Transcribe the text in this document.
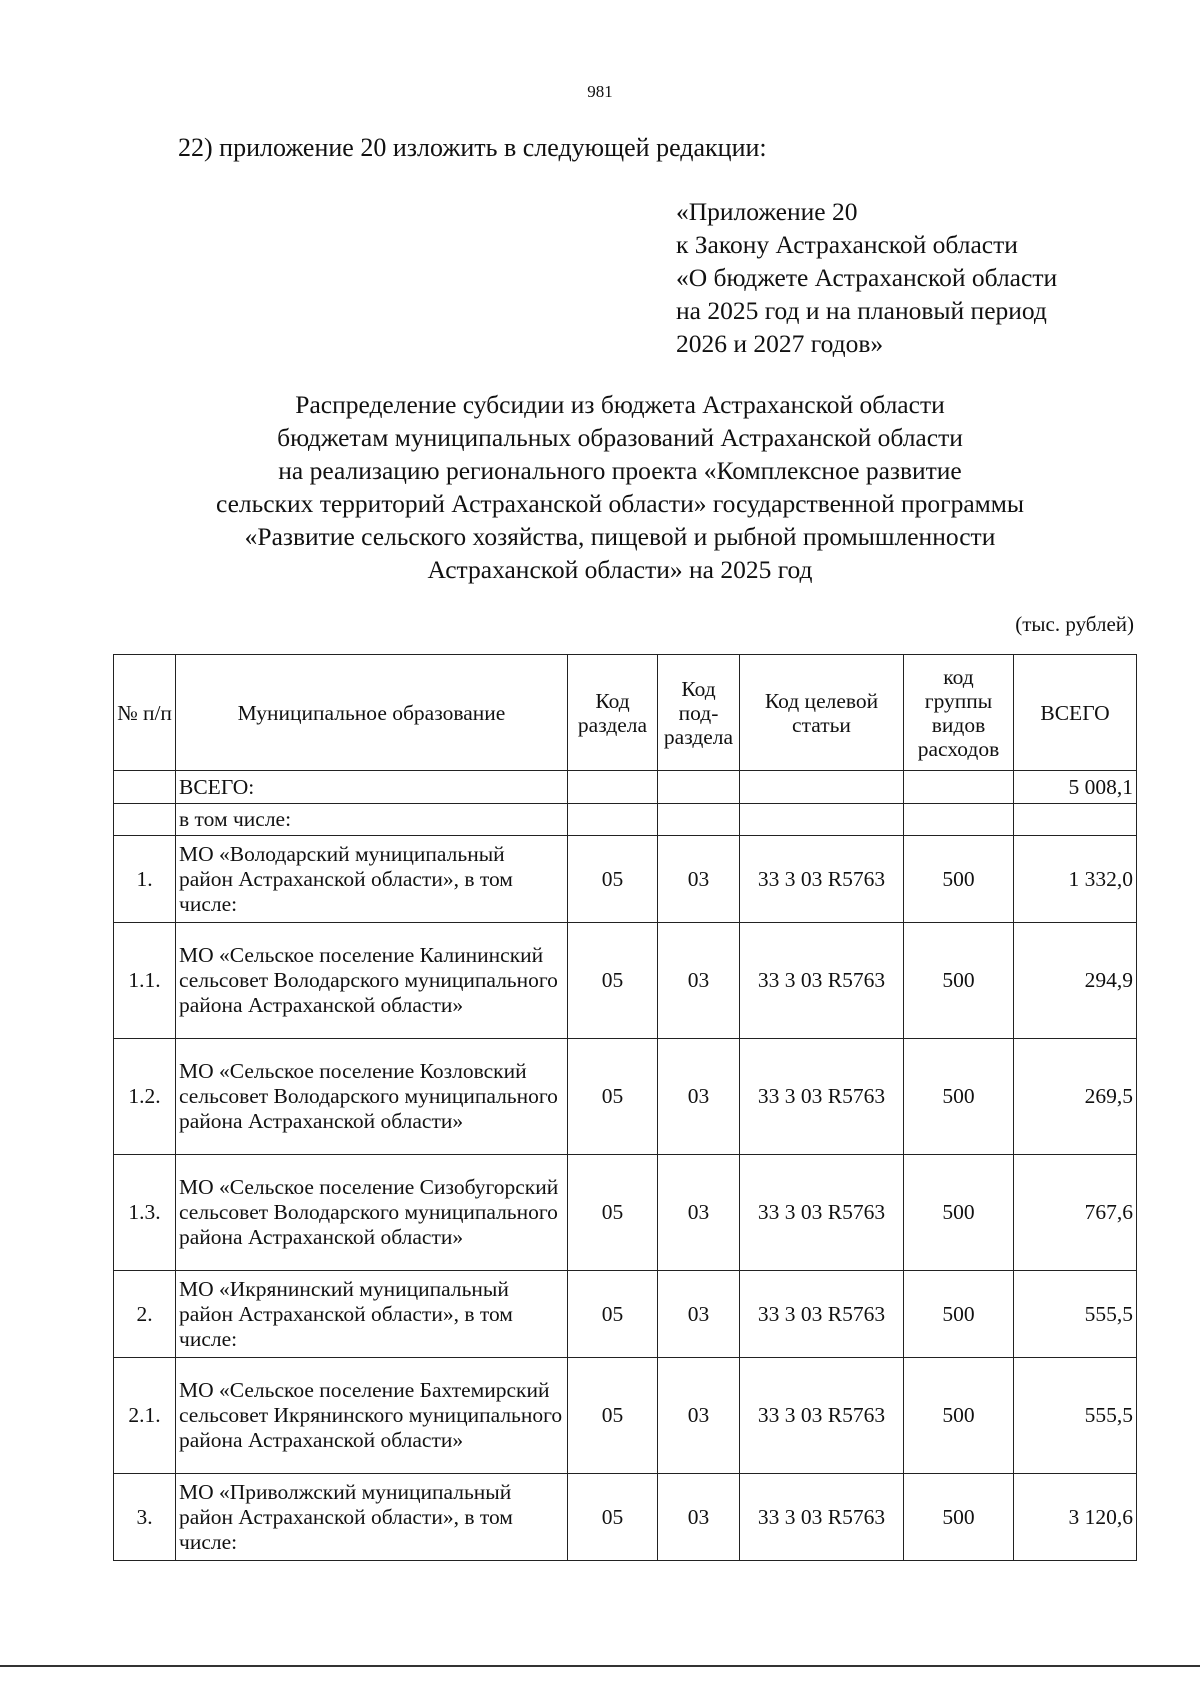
981
22) приложение 20 изложить в следующей редакции:
«Приложение 20
к Закону Астраханской области
«О бюджете Астраханской области
на 2025 год и на плановый период
2026 и 2027 годов»
Распределение субсидии из бюджета Астраханской области
бюджетам муниципальных образований Астраханской области
на реализацию регионального проекта «Комплексное развитие
сельских территорий Астраханской области» государственной программы
«Развитие сельского хозяйства, пищевой и рыбной промышленности
Астраханской области» на 2025 год
(тыс. рублей)
№ п/п	Муниципальное образование	Код раздела	Код под-раздела	Код целевой статьи	код группы видов расходов	ВСЕГО
	ВСЕГО:					5 008,1
	в том числе:					
1.	МО «Володарский муниципальный район Астраханской области», в том числе:	05	03	33 3 03 R5763	500	1 332,0
1.1.	МО «Сельское поселение Калининский сельсовет Володарского муниципального района Астраханской области»	05	03	33 3 03 R5763	500	294,9
1.2.	МО «Сельское поселение Козловский сельсовет Володарского муниципального района Астраханской области»	05	03	33 3 03 R5763	500	269,5
1.3.	МО «Сельское поселение Сизобугорский сельсовет Володарского муниципального района Астраханской области»	05	03	33 3 03 R5763	500	767,6
2.	МО «Икрянинский муниципальный район Астраханской области», в том числе:	05	03	33 3 03 R5763	500	555,5
2.1.	МО «Сельское поселение Бахтемирский сельсовет Икрянинского муниципального района Астраханской области»	05	03	33 3 03 R5763	500	555,5
3.	МО «Приволжский муниципальный район Астраханской области», в том числе:	05	03	33 3 03 R5763	500	3 120,6
